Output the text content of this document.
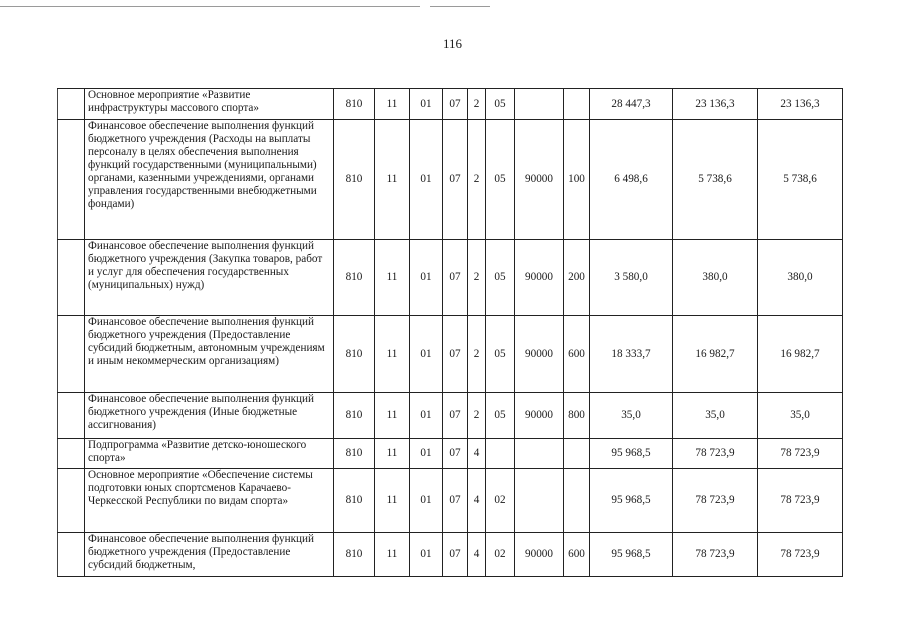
116
	Основное мероприятие «Развитие инфраструктуры массового спорта»	810	11	01	07	2	05			28 447,3	23 136,3	23 136,3
	Финансовое обеспечение выполнения функций бюджетного учреждения (Расходы на выплаты персоналу в целях обеспечения выполнения функций государственными (муниципальными) органами, казенными учреждениями, органами управления государственными внебюджетными фондами)	810	11	01	07	2	05	90000	100	6 498,6	5 738,6	5 738,6
	Финансовое обеспечение выполнения функций бюджетного учреждения (Закупка товаров, работ и услуг для обеспечения государственных (муниципальных) нужд)	810	11	01	07	2	05	90000	200	3 580,0	380,0	380,0
	Финансовое обеспечение выполнения функций бюджетного учреждения (Предоставление субсидий бюджетным, автономным учреждениям и иным некоммерческим организациям)	810	11	01	07	2	05	90000	600	18 333,7	16 982,7	16 982,7
	Финансовое обеспечение выполнения функций бюджетного учреждения (Иные бюджетные ассигнования)	810	11	01	07	2	05	90000	800	35,0	35,0	35,0
	Подпрограмма «Развитие детско-юношеского спорта»	810	11	01	07	4				95 968,5	78 723,9	78 723,9
	Основное мероприятие «Обеспечение системы подготовки юных спортсменов Карачаево-Черкесской Республики по видам спорта»	810	11	01	07	4	02			95 968,5	78 723,9	78 723,9
	Финансовое обеспечение выполнения функций бюджетного учреждения (Предоставление субсидий бюджетным,	810	11	01	07	4	02	90000	600	95 968,5	78 723,9	78 723,9
